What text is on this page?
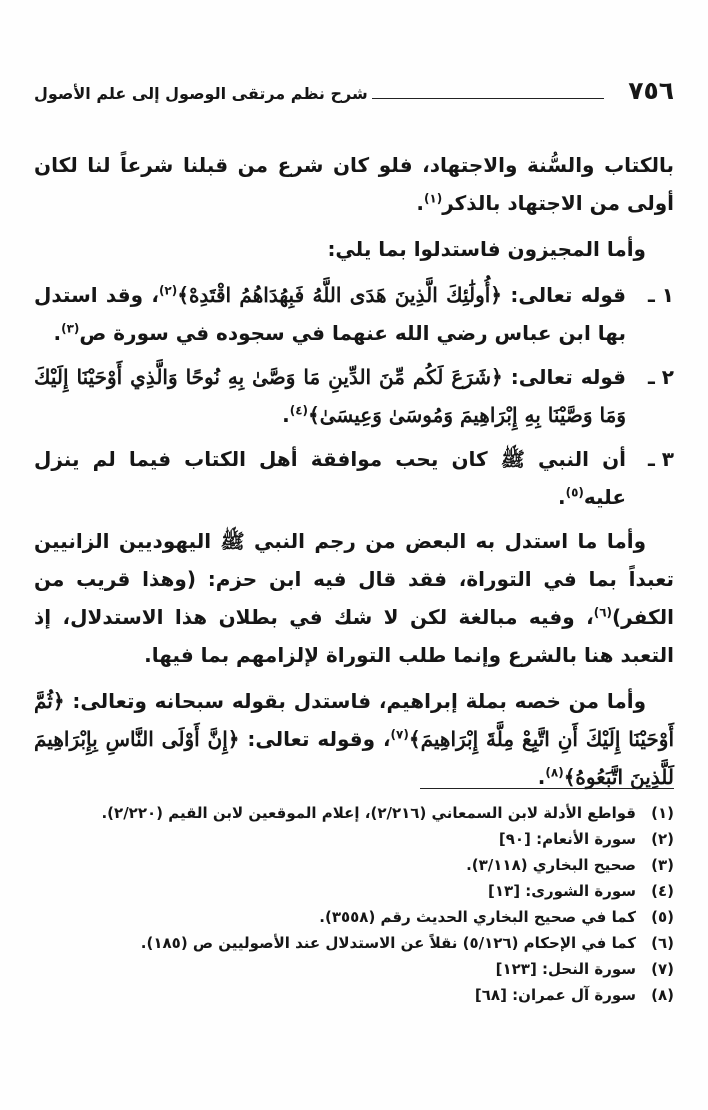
٧٥٦
شرح نظم مرتقى الوصول إلى علم الأصول

بالكتاب والسُّنة والاجتهاد، فلو كان شرع من قبلنا شرعاً لنا لكان أولى من الاجتهاد بالذكر$^{(١)}$.

وأما المجيزون فاستدلوا بما يلي:

١ ـ
قوله تعالى: ﴿أُولَٰئِكَ الَّذِينَ هَدَى اللَّهُ فَبِهُدَاهُمُ اقْتَدِهْ﴾$^{(٢)}$، وقد استدل بها ابن عباس رضي الله عنهما في سجوده في سورة ص$^{(٣)}$.
٢ ـ
قوله تعالى: ﴿شَرَعَ لَكُم مِّنَ الدِّينِ مَا وَصَّىٰ بِهِ نُوحًا وَالَّذِي أَوْحَيْنَا إِلَيْكَ وَمَا وَصَّيْنَا بِهِ إِبْرَاهِيمَ وَمُوسَىٰ وَعِيسَىٰ﴾$^{(٤)}$.
٣ ـ
أن النبي ﷺ كان يحب موافقة أهل الكتاب فيما لم ينزل عليه$^{(٥)}$.

وأما ما استدل به البعض من رجم النبي ﷺ اليهوديين الزانيين تعبداً بما في التوراة، فقد قال فيه ابن حزم: (وهذا قريب من الكفر)$^{(٦)}$، وفيه مبالغة لكن لا شك في بطلان هذا الاستدلال، إذ التعبد هنا بالشرع وإنما طلب التوراة لإلزامهم بما فيها.

وأما من خصه بملة إبراهيم، فاستدل بقوله سبحانه وتعالى: ﴿ثُمَّ أَوْحَيْنَا إِلَيْكَ أَنِ اتَّبِعْ مِلَّةَ إِبْرَاهِيمَ﴾$^{(٧)}$، وقوله تعالى: ﴿إِنَّ أَوْلَى النَّاسِ بِإِبْرَاهِيمَ لَلَّذِينَ اتَّبَعُوهُ﴾$^{(٨)}$.

(١)
قواطع الأدلة لابن السمعاني (٢/٢١٦)، إعلام الموقعين لابن القيم (٢/٢٢٠).
(٢)
سورة الأنعام: [٩٠]
(٣)
صحيح البخاري (٣/١١٨).
(٤)
سورة الشورى: [١٣]
(٥)
كما في صحيح البخاري الحديث رقم (٣٥٥٨).
(٦)
كما في الإحكام (٥/١٢٦) نقلاً عن الاستدلال عند الأصوليين ص (١٨٥).
(٧)
سورة النحل: [١٢٣]
(٨)
سورة آل عمران: [٦٨]
